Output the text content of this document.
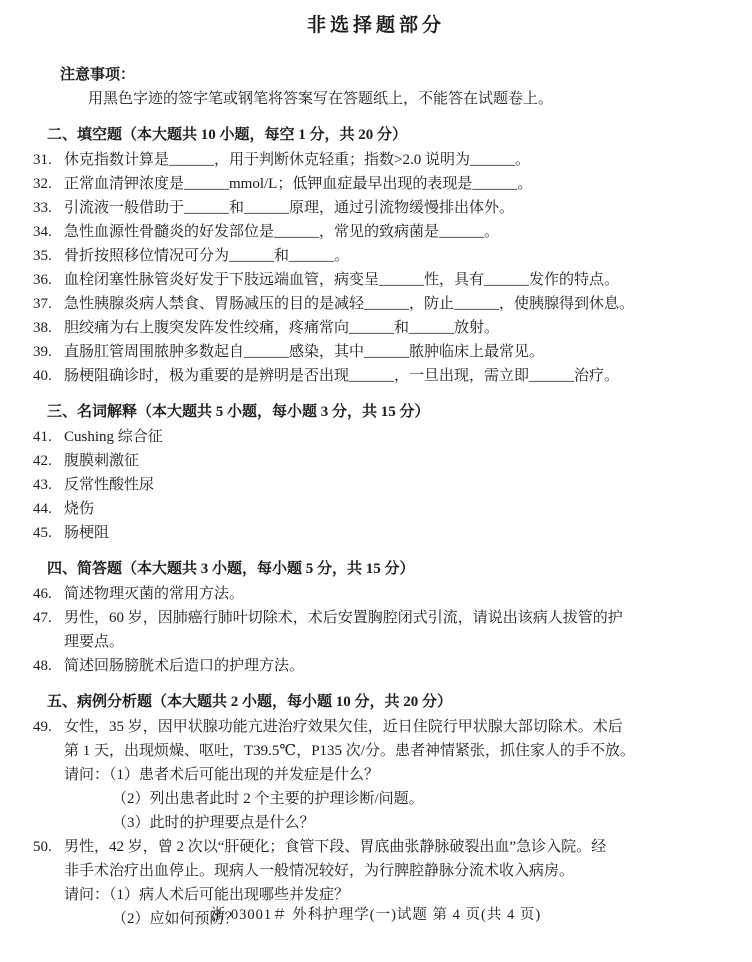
非选择题部分
注意事项：
用黑色字迹的签字笔或钢笔将答案写在答题纸上，不能答在试题卷上。
二、填空题（本大题共 10 小题，每空 1 分，共 20 分）
31. 休克指数计算是______，用于判断休克轻重；指数>2.0 说明为______。
32. 正常血清钾浓度是______mmol/L；低钾血症最早出现的表现是______。
33. 引流液一般借助于______和______原理，通过引流物缓慢排出体外。
34. 急性血源性骨髓炎的好发部位是______，常见的致病菌是______。
35. 骨折按照移位情况可分为______和______。
36. 血栓闭塞性脉管炎好发于下肢远端血管，病变呈______性，具有______发作的特点。
37. 急性胰腺炎病人禁食、胃肠减压的目的是减轻______，防止______，使胰腺得到休息。
38. 胆绞痛为右上腹突发阵发性绞痛，疼痛常向______和______放射。
39. 直肠肛管周围脓肿多数起自______感染，其中______脓肿临床上最常见。
40. 肠梗阻确诊时，极为重要的是辨明是否出现______，一旦出现，需立即______治疗。
三、名词解释（本大题共 5 小题，每小题 3 分，共 15 分）
41. Cushing 综合征
42. 腹膜刺激征
43. 反常性酸性尿
44. 烧伤
45. 肠梗阻
四、简答题（本大题共 3 小题，每小题 5 分，共 15 分）
46. 简述物理灭菌的常用方法。
47. 男性，60 岁，因肺癌行肺叶切除术，术后安置胸腔闭式引流，请说出该病人拔管的护
理要点。
48. 简述回肠膀胱术后造口的护理方法。
五、病例分析题（本大题共 2 小题，每小题 10 分，共 20 分）
49. 女性，35 岁，因甲状腺功能亢进治疗效果欠佳，近日住院行甲状腺大部切除术。术后
第 1 天，出现烦燥、呕吐，T39.5℃，P135 次/分。患者神情紧张，抓住家人的手不放。
请问：（1）患者术后可能出现的并发症是什么？
（2）列出患者此时 2 个主要的护理诊断/问题。
（3）此时的护理要点是什么？
50. 男性，42 岁，曾 2 次以“肝硬化；食管下段、胃底曲张静脉破裂出血”急诊入院。经
非手术治疗出血停止。现病人一般情况较好，为行脾腔静脉分流术收入病房。
请问：（1）病人术后可能出现哪些并发症？
（2）应如何预防？
浙 03001＃ 外科护理学(一)试题 第 4 页(共 4 页)
